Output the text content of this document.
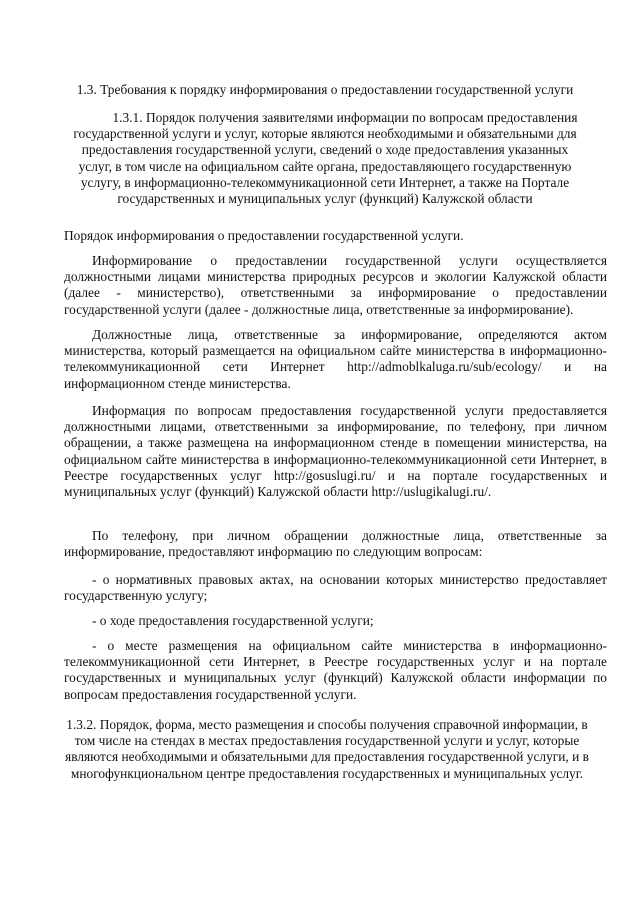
1.3. Требования к порядку информирования о предоставлении государственной услуги
1.3.1. Порядок получения заявителями информации по вопросам предоставления государственной услуги и услуг, которые являются необходимыми и обязательными для предоставления государственной услуги, сведений о ходе предоставления указанных услуг, в том числе на официальном сайте органа, предоставляющего государственную услугу, в информационно-телекоммуникационной сети Интернет, а также на Портале государственных и муниципальных услуг (функций) Калужской области
Порядок информирования о предоставлении государственной услуги.
Информирование о предоставлении государственной услуги осуществляется должностными лицами министерства природных ресурсов и экологии Калужской области (далее - министерство), ответственными за информирование о предоставлении государственной услуги (далее - должностные лица, ответственные за информирование).
Должностные лица, ответственные за информирование, определяются актом министерства, который размещается на официальном сайте министерства в информационно-телекоммуникационной сети Интернет http://admoblkaluga.ru/sub/ecology/ и на информационном стенде министерства.
Информация по вопросам предоставления государственной услуги предоставляется должностными лицами, ответственными за информирование, по телефону, при личном обращении, а также размещена на информационном стенде в помещении министерства, на официальном сайте министерства в информационно-телекоммуникационной сети Интернет, в Реестре государственных услуг http://gosuslugi.ru/ и на портале государственных и муниципальных услуг (функций) Калужской области http://uslugikalugi.ru/.
По телефону, при личном обращении должностные лица, ответственные за информирование, предоставляют информацию по следующим вопросам:
- о нормативных правовых актах, на основании которых министерство предоставляет государственную услугу;
- о ходе предоставления государственной услуги;
- о месте размещения на официальном сайте министерства в информационно-телекоммуникационной сети Интернет, в Реестре государственных услуг и на портале государственных и муниципальных услуг (функций) Калужской области информации по вопросам предоставления государственной услуги.
1.3.2. Порядок, форма, место размещения и способы получения справочной информации, в том числе на стендах в местах предоставления государственной услуги и услуг, которые являются необходимыми и обязательными для предоставления государственной услуги, и в многофункциональном центре предоставления государственных и муниципальных услуг.
